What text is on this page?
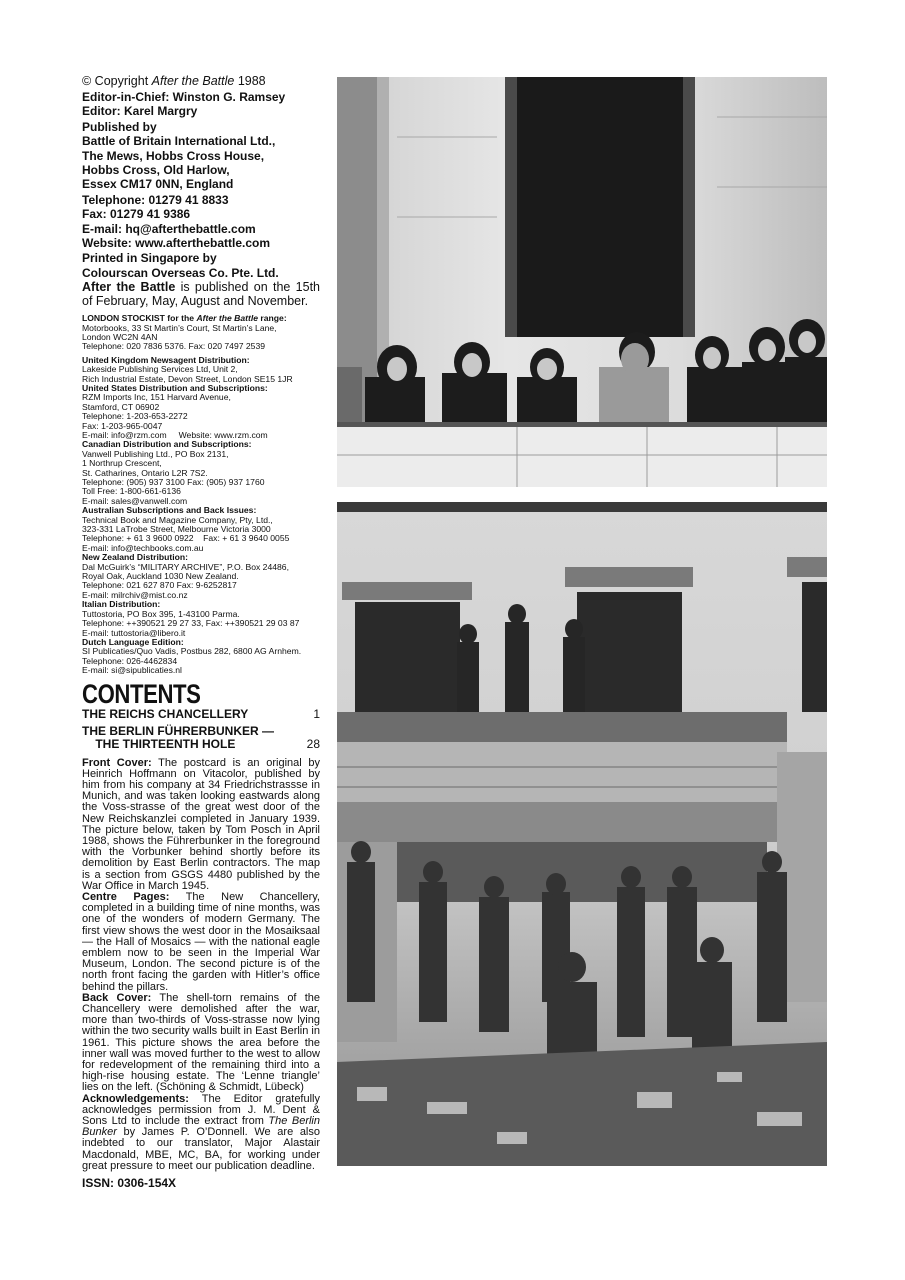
© Copyright After the Battle 1988
Editor-in-Chief: Winston G. Ramsey
Editor: Karel Margry
Published by
Battle of Britain International Ltd.,
The Mews, Hobbs Cross House,
Hobbs Cross, Old Harlow,
Essex CM17 0NN, England
Telephone: 01279 41 8833
Fax: 01279 41 9386
E-mail: hq@afterthebattle.com
Website: www.afterthebattle.com
Printed in Singapore by
Colourscan Overseas Co. Pte. Ltd.
After the Battle is published on the 15th of February, May, August and November.
LONDON STOCKIST for the After the Battle range:
Motorbooks, 33 St Martin’s Court, St Martin’s Lane,
London WC2N 4AN
Telephone: 020 7836 5376. Fax: 020 7497 2539
United Kingdom Newsagent Distribution:
Lakeside Publishing Services Ltd, Unit 2,
Rich Industrial Estate, Devon Street, London SE15 1JR
United States Distribution and Subscriptions:
RZM Imports Inc, 151 Harvard Avenue,
Stamford, CT 06902
Telephone: 1-203-653-2272
Fax: 1-203-965-0047
E-mail: info@rzm.com     Website: www.rzm.com
Canadian Distribution and Subscriptions:
Vanwell Publishing Ltd., PO Box 2131,
1 Northrup Crescent,
St. Catharines, Ontario L2R 7S2.
Telephone: (905) 937 3100 Fax: (905) 937 1760
Toll Free: 1-800-661-6136
E-mail: sales@vanwell.com
Australian Subscriptions and Back Issues:
Technical Book and Magazine Company, Pty, Ltd.,
323-331 LaTrobe Street, Melbourne Victoria 3000
Telephone: + 61 3 9600 0922    Fax: + 61 3 9640 0055
E-mail: info@techbooks.com.au
New Zealand Distribution:
Dal McGuirk’s “MILITARY ARCHIVE”, P.O. Box 24486,
Royal Oak, Auckland 1030 New Zealand.
Telephone: 021 627 870 Fax: 9-6252817
E-mail: milrchiv@mist.co.nz
Italian Distribution:
Tuttostoria, PO Box 395, 1-43100 Parma.
Telephone: ++390521 29 27 33, Fax: ++390521 29 03 87
E-mail: tuttostoria@libero.it
Dutch Language Edition:
SI Publicaties/Quo Vadis, Postbus 282, 6800 AG Arnhem.
Telephone: 026-4462834
E-mail: si@sipublicaties.nl
CONTENTS
THE REICHS CHANCELLERY	1
THE BERLIN FÜHRERBUNKER —
THE THIRTEENTH HOLE	28
Front Cover: The postcard is an original by Heinrich Hoffmann on Vitacolor, published by him from his company at 34 Friedrichstrassse in Munich, and was taken looking eastwards along the Voss-strasse of the great west door of the New Reichskanzlei completed in January 1939. The picture below, taken by Tom Posch in April 1988, shows the Führerbunker in the foreground with the Vorbunker behind shortly before its demolition by East Berlin contractors. The map is a section from GSGS 4480 published by the War Office in March 1945.
Centre Pages: The New Chancellery, completed in a building time of nine months, was one of the wonders of modern Germany. The first view shows the west door in the Mosaiksaal — the Hall of Mosaics — with the national eagle emblem now to be seen in the Imperial War Museum, London. The second picture is of the north front facing the garden with Hitler’s office behind the pillars.
Back Cover: The shell-torn remains of the Chancellery were demolished after the war, more than two-thirds of Voss-strasse now lying within the two security walls built in East Berlin in 1961. This picture shows the area before the inner wall was moved further to the west to allow for redevelopment of the remaining third into a high-rise housing estate. The ‘Lenne triangle’ lies on the left. (Schöning & Schmidt, Lübeck)
Acknowledgements: The Editor gratefully acknowledges permission from J. M. Dent & Sons Ltd to include the extract from The Berlin Bunker by James P. O’Donnell. We are also indebted to our translator, Major Alastair Macdonald, MBE, MC, BA, for working under great pressure to meet our publication deadline.
ISSN: 0306-154X
